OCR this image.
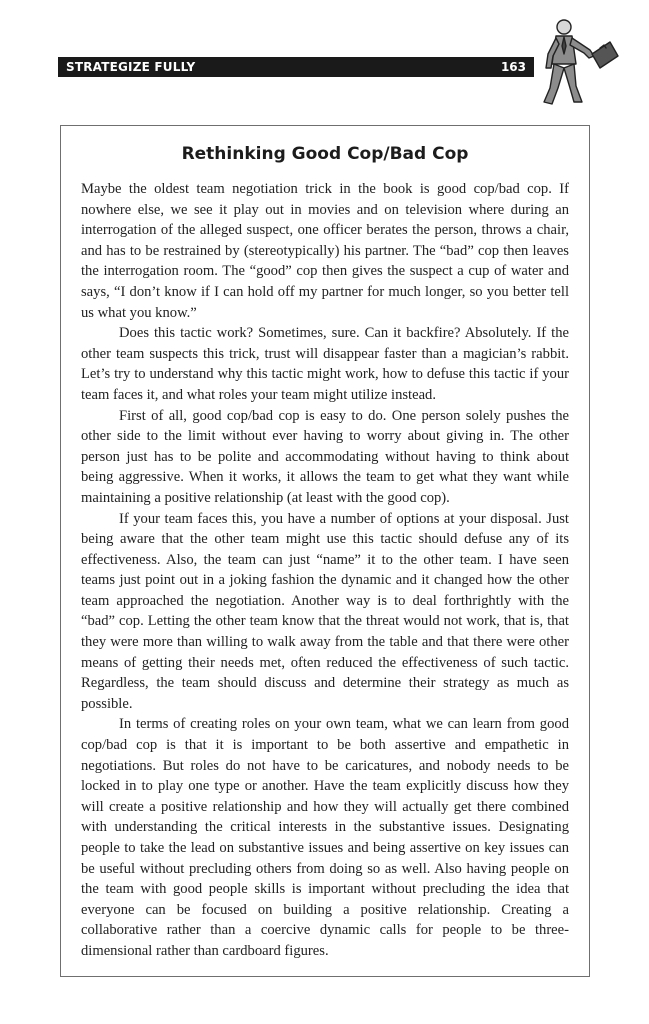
STRATEGIZE FULLY	163
Rethinking Good Cop/Bad Cop

Maybe the oldest team negotiation trick in the book is good cop/bad cop. If nowhere else, we see it play out in movies and on television where during an interrogation of the alleged suspect, one officer berates the person, throws a chair, and has to be restrained by (stereotypically) his partner. The “bad” cop then leaves the interrogation room. The “good” cop then gives the suspect a cup of water and says, “I don’t know if I can hold off my partner for much longer, so you better tell us what you know.”

Does this tactic work? Sometimes, sure. Can it backfire? Absolutely. If the other team suspects this trick, trust will disappear faster than a magician’s rabbit. Let’s try to understand why this tactic might work, how to defuse this tactic if your team faces it, and what roles your team might utilize instead.

First of all, good cop/bad cop is easy to do. One person solely pushes the other side to the limit without ever having to worry about giving in. The other person just has to be polite and accommodating without having to think about being aggressive. When it works, it allows the team to get what they want while maintaining a positive relationship (at least with the good cop).

If your team faces this, you have a number of options at your disposal. Just being aware that the other team might use this tactic should defuse any of its effectiveness. Also, the team can just “name” it to the other team. I have seen teams just point out in a joking fashion the dynamic and it changed how the other team approached the negotiation. Another way is to deal forthrightly with the “bad” cop. Letting the other team know that the threat would not work, that is, that they were more than willing to walk away from the table and that there were other means of getting their needs met, often reduced the effectiveness of such tactic. Regardless, the team should discuss and determine their strategy as much as possible.

In terms of creating roles on your own team, what we can learn from good cop/bad cop is that it is important to be both assertive and empathetic in negotiations. But roles do not have to be caricatures, and nobody needs to be locked in to play one type or another. Have the team explicitly discuss how they will create a positive relationship and how they will actually get there combined with understanding the critical interests in the substantive issues. Designating people to take the lead on substantive issues and being assertive on key issues can be useful without precluding others from doing so as well. Also having people on the team with good people skills is important without precluding the idea that everyone can be focused on building a positive relationship. Creating a collaborative rather than a coercive dynamic calls for people to be three-dimensional rather than cardboard figures.
